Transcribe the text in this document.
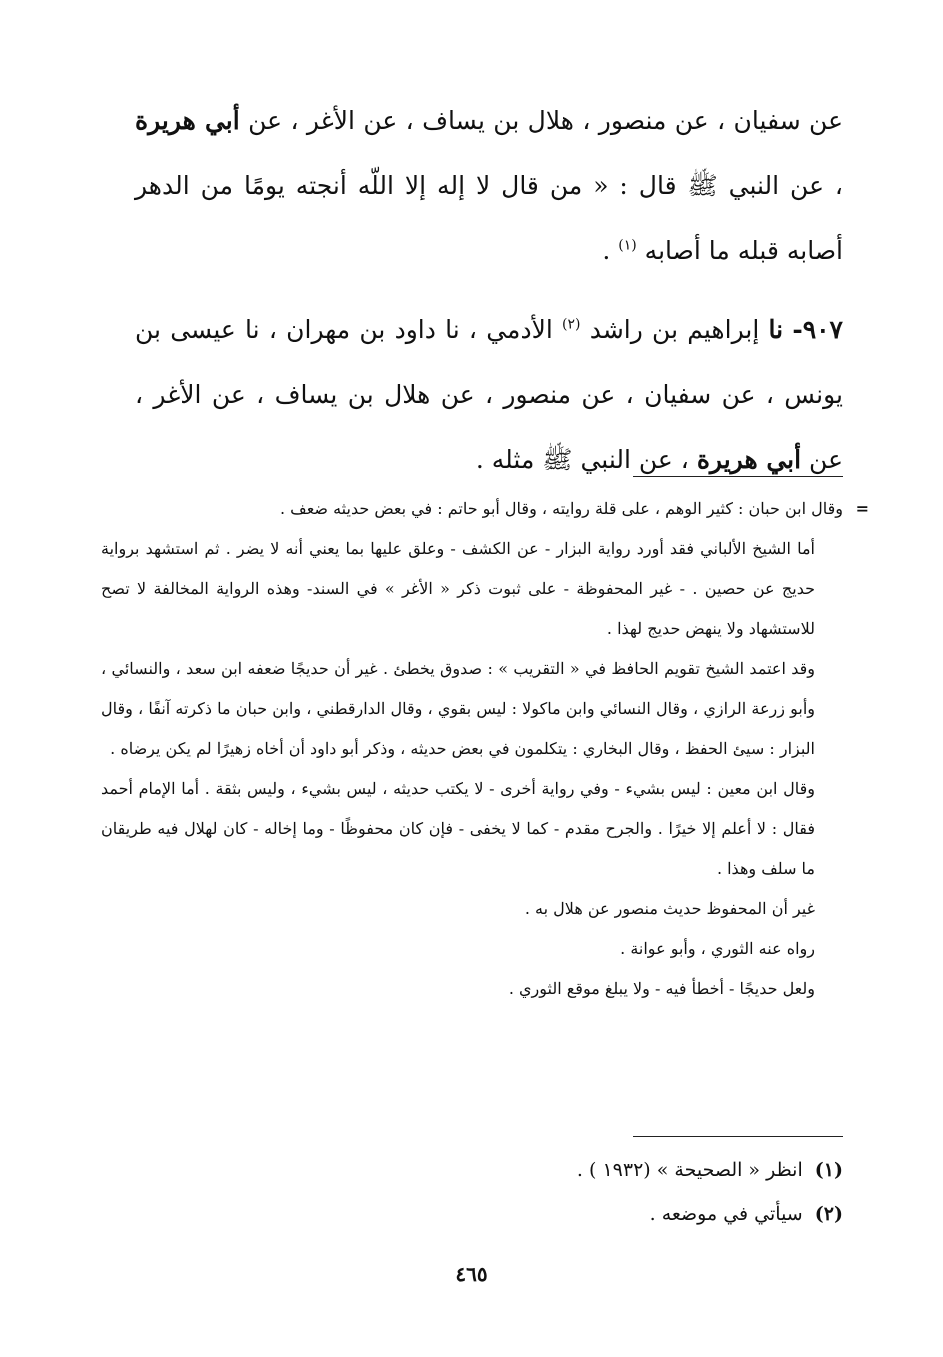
عن سفيان ، عن منصور ، هلال بن يساف ، عن الأغر ، عن أبي هريرة ، عن النبي ﷺ قال : « من قال لا إله إلا اللّه أنجته يومًا من الدهر أصابه قبله ما أصابه $^{(١)}$ .

٩٠٧- نا إبراهيم بن راشد $^{(٢)}$ الأدمي ، نا داود بن مهران ، نا عيسى بن يونس ، عن سفيان ، عن منصور ، عن هلال بن يساف ، عن الأغر ، عن أبي هريرة ، عن النبي ﷺ مثله .

=

وقال ابن حبان : كثير الوهم ، على قلة روايته ، وقال أبو حاتم : في بعض حديثه ضعف .

أما الشيخ الألباني فقد أورد رواية البزار - عن الكشف - وعلق عليها بما يعني أنه لا يضر . ثم استشهد برواية حديج عن حصين . - غير المحفوظة - على ثبوت ذكر « الأغر » في السند- وهذه الرواية المخالفة لا تصح للاستشهاد ولا ينهض حديج لهذا .

وقد اعتمد الشيخ تقويم الحافظ في « التقريب » : صدوق يخطئ . غير أن حديجًا ضعفه ابن سعد ، والنسائي ، وأبو زرعة الرازي ، وقال النسائي وابن ماكولا : ليس بقوي ، وقال الدارقطني ، وابن حبان ما ذكرته آنفًا ، وقال البزار : سيئ الحفظ ، وقال البخاري : يتكلمون في بعض حديثه ، وذكر أبو داود أن أخاه زهيرًا لم يكن يرضاه .

وقال ابن معين : ليس بشيء - وفي رواية أخرى - لا يكتب حديثه ، ليس بشيء ، وليس بثقة . أما الإمام أحمد فقال : لا أعلم إلا خيرًا . والجرح مقدم - كما لا يخفى - فإن كان محفوظًا - وما إخاله - كان لهلال فيه طريقان ما سلف وهذا .

غير أن المحفوظ حديث منصور عن هلال به .

رواه عنه الثوري ، وأبو عوانة .

ولعل حديجًا - أخطأ فيه - ولا يبلغ موقع الثوري .

(١) انظر « الصحيحة » (١٩٣٢ ) .

(٢) سيأتي في موضعه .

٤٦٥
